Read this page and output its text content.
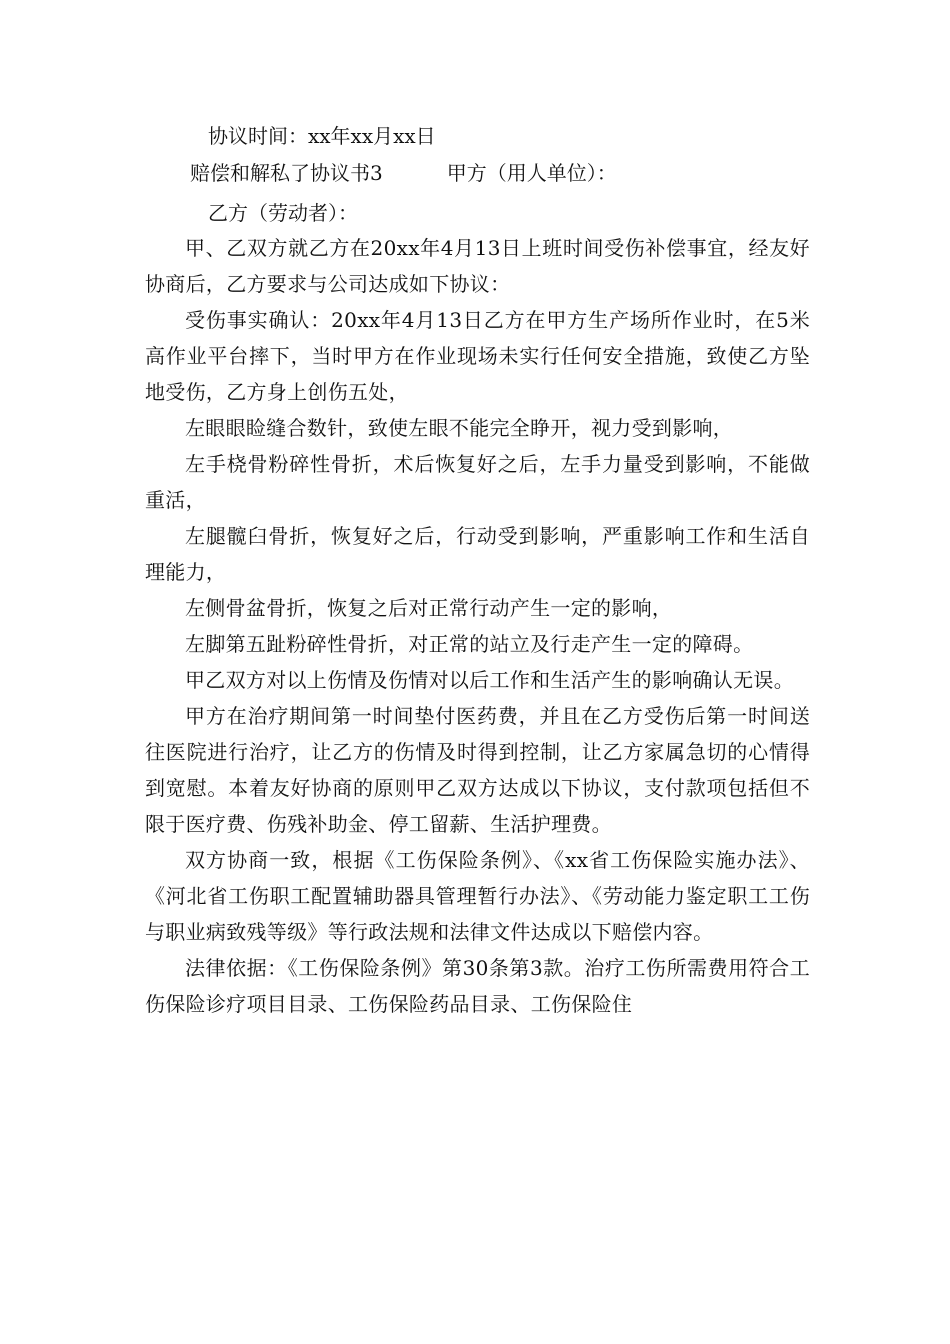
协议时间：xx年xx月xx日
赔偿和解私了协议书3	甲方（用人单位）：
乙方（劳动者）：

甲、乙双方就乙方在20xx年4月13日上班时间受伤补偿事宜，经友好协商后，乙方要求与公司达成如下协议：

受伤事实确认：20xx年4月13日乙方在甲方生产场所作业时，在5米高作业平台摔下，当时甲方在作业现场未实行任何安全措施，致使乙方坠地受伤，乙方身上创伤五处，

左眼眼睑缝合数针，致使左眼不能完全睁开，视力受到影响，

左手桡骨粉碎性骨折，术后恢复好之后，左手力量受到影响，不能做重活，

左腿髋臼骨折，恢复好之后，行动受到影响，严重影响工作和生活自理能力，

左侧骨盆骨折，恢复之后对正常行动产生一定的影响，

左脚第五趾粉碎性骨折，对正常的站立及行走产生一定的障碍。

甲乙双方对以上伤情及伤情对以后工作和生活产生的影响确认无误。

甲方在治疗期间第一时间垫付医药费，并且在乙方受伤后第一时间送往医院进行治疗，让乙方的伤情及时得到控制，让乙方家属急切的心情得到宽慰。本着友好协商的原则甲乙双方达成以下协议，支付款项包括但不限于医疗费、伤残补助金、停工留薪、生活护理费。

双方协商一致，根据《工伤保险条例》、《xx省工伤保险实施办法》、《河北省工伤职工配置辅助器具管理暂行办法》、《劳动能力鉴定职工工伤与职业病致残等级》等行政法规和法律文件达成以下赔偿内容。

法律依据：《工伤保险条例》第30条第3款。治疗工伤所需费用符合工伤保险诊疗项目目录、工伤保险药品目录、工伤保险住
